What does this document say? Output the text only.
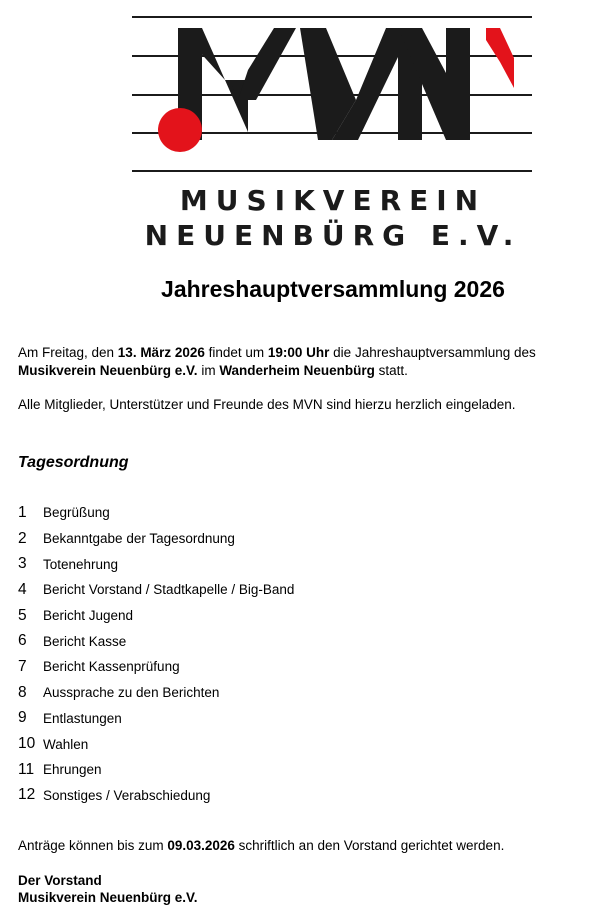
MUSIKVEREIN
NEUENBÜRG E.V.
Jahreshauptversammlung 2026

Am Freitag, den 13. März 2026 findet um 19:00 Uhr die Jahreshauptversammlung des Musikverein Neuenbürg e.V. im Wanderheim Neuenbürg statt.

Alle Mitglieder, Unterstützer und Freunde des MVN sind hierzu herzlich eingeladen.

Tagesordnung
1	Begrüßung
2	Bekanntgabe der Tagesordnung
3	Totenehrung
4	Bericht Vorstand / Stadtkapelle / Big-Band
5	Bericht Jugend
6	Bericht Kasse
7	Bericht Kassenprüfung
8	Aussprache zu den Berichten
9	Entlastungen
10 Wahlen
11 Ehrungen
12 Sonstiges / Verabschiedung

Anträge können bis zum 09.03.2026 schriftlich an den Vorstand gerichtet werden.

Der Vorstand
Musikverein Neuenbürg e.V.
